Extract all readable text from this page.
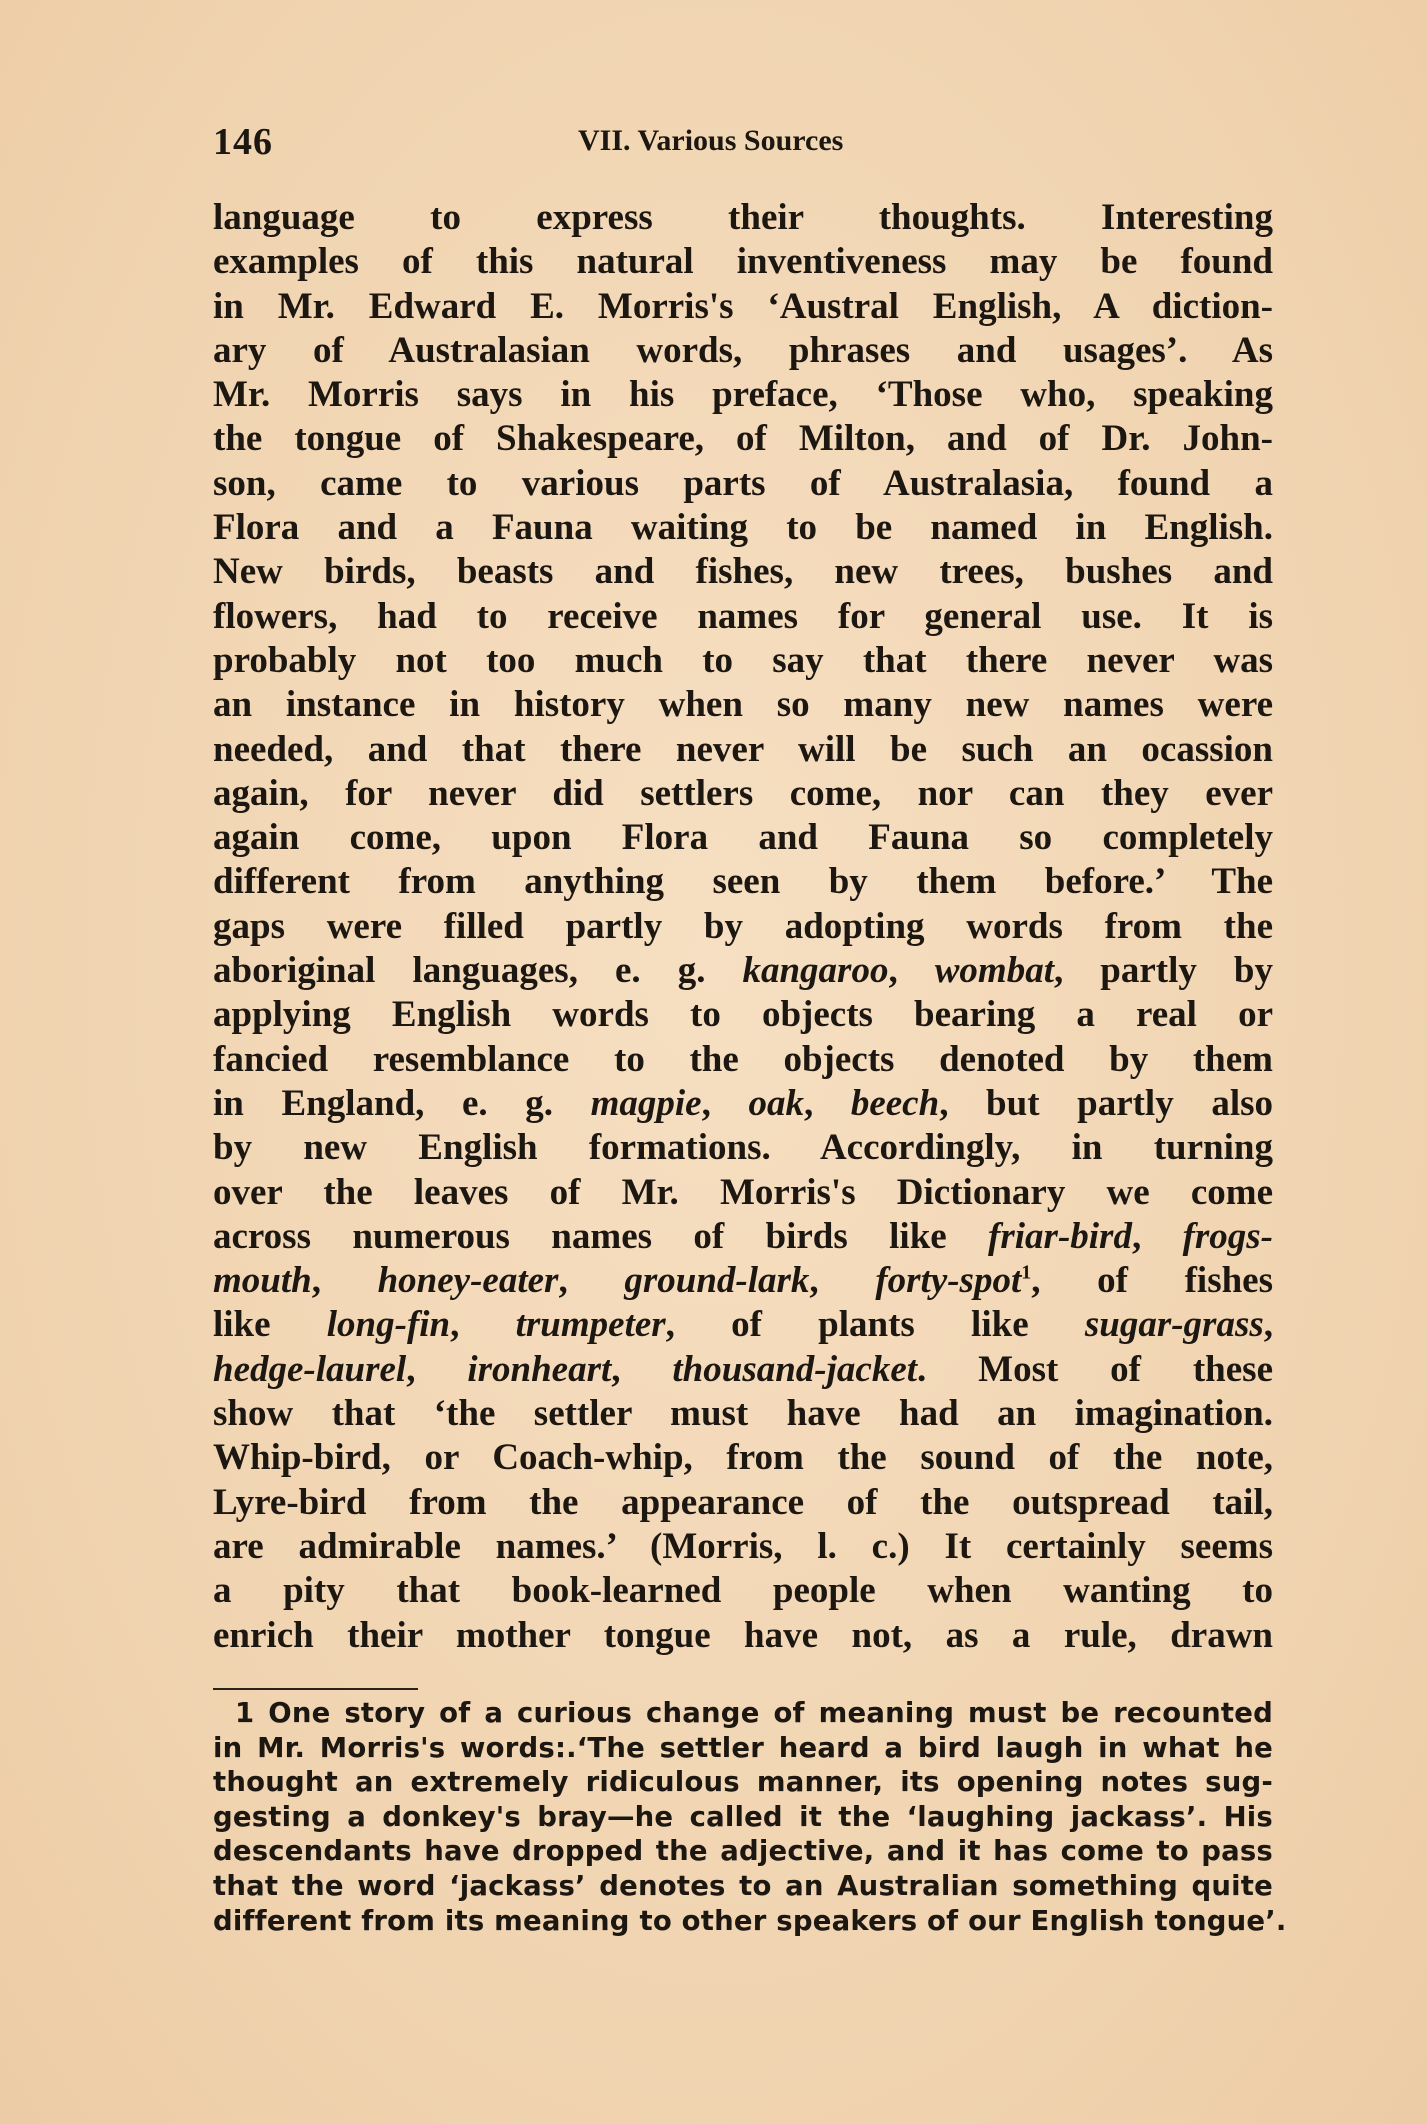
146	VII. Various Sources
language to express their thoughts. Interesting
examples of this natural inventiveness may be found
in Mr. Edward E. Morris's ‘Austral English, A diction-
ary of Australasian words, phrases and usages’. As
Mr. Morris says in his preface, ‘Those who, speaking
the tongue of Shakespeare, of Milton, and of Dr. John-
son, came to various parts of Australasia, found a
Flora and a Fauna waiting to be named in English.
New birds, beasts and fishes, new trees, bushes and
flowers, had to receive names for general use. It is
probably not too much to say that there never was
an instance in history when so many new names were
needed, and that there never will be such an ocassion
again, for never did settlers come, nor can they ever
again come, upon Flora and Fauna so completely
different from anything seen by them before.’ The
gaps were filled partly by adopting words from the
aboriginal languages, e. g. kangaroo, wombat, partly by
applying English words to objects bearing a real or
fancied resemblance to the objects denoted by them
in England, e. g. magpie, oak, beech, but partly also
by new English formations. Accordingly, in turning
over the leaves of Mr. Morris's Dictionary we come
across numerous names of birds like friar-bird, frogs-
mouth, honey-eater, ground-lark, forty-spot$^1$, of fishes
like long-fin, trumpeter, of plants like sugar-grass,
hedge-laurel, ironheart, thousand-jacket. Most of these
show that ‘the settler must have had an imagination.
Whip-bird, or Coach-whip, from the sound of the note,
Lyre-bird from the appearance of the outspread tail,
are admirable names.’ (Morris, l. c.) It certainly seems
a pity that book-learned people when wanting to
enrich their mother tongue have not, as a rule, drawn
1 One story of a curious change of meaning must be recounted
in Mr. Morris's words:.‘The settler heard a bird laugh in what he
thought an extremely ridiculous manner, its opening notes sug-
gesting a donkey's bray—he called it the ‘laughing jackass’. His
descendants have dropped the adjective, and it has come to pass
that the word ‘jackass’ denotes to an Australian something quite
different from its meaning to other speakers of our English tongue’.
